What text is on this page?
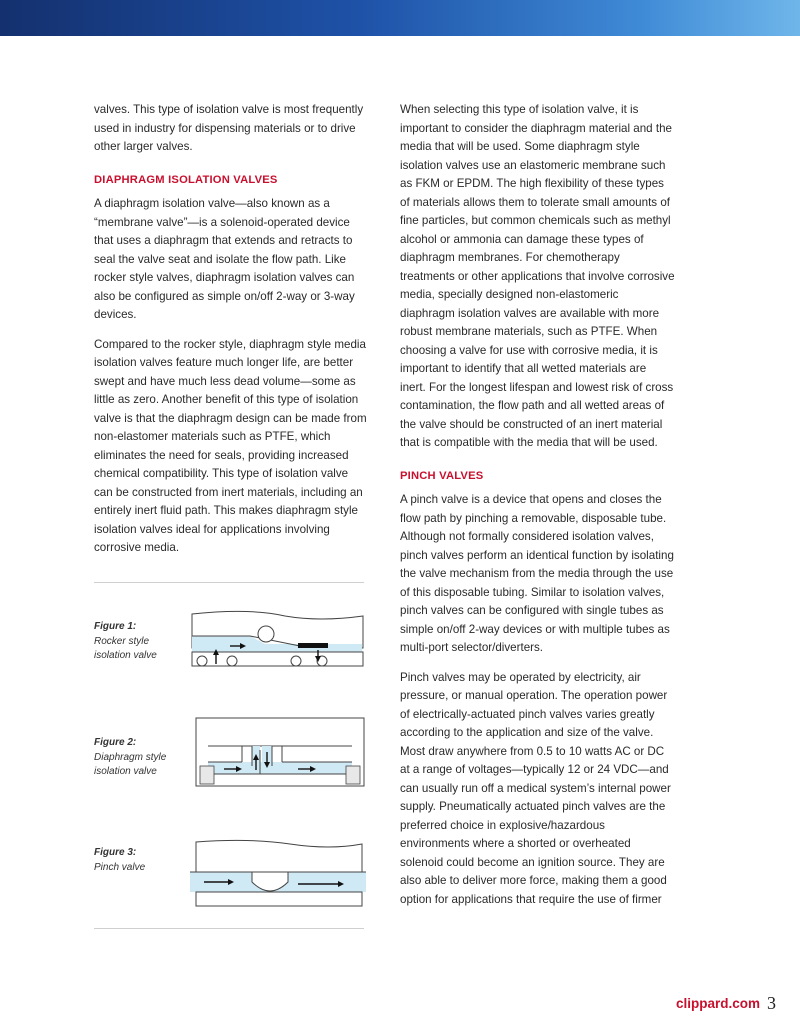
valves. This type of isolation valve is most frequently used in industry for dispensing materials or to drive other larger valves.

DIAPHRAGM ISOLATION VALVES

A diaphragm isolation valve—also known as a “membrane valve”—is a solenoid-operated device that uses a diaphragm that extends and retracts to seal the valve seat and isolate the flow path. Like rocker style valves, diaphragm isolation valves can also be configured as simple on/off 2-way or 3-way devices.

Compared to the rocker style, diaphragm style media isolation valves feature much longer life, are better swept and have much less dead volume—some as little as zero. Another benefit of this type of isolation valve is that the diaphragm design can be made from non-elastomer materials such as PTFE, which eliminates the need for seals, providing increased chemical compatibility. This type of isolation valve can be constructed from inert materials, including an entirely inert fluid path. This makes diaphragm style isolation valves ideal for applications involving corrosive media.

When selecting this type of isolation valve, it is important to consider the diaphragm material and the media that will be used. Some diaphragm style isolation valves use an elastomeric membrane such as FKM or EPDM. The high flexibility of these types of materials allows them to tolerate small amounts of fine particles, but common chemicals such as methyl alcohol or ammonia can damage these types of diaphragm membranes. For chemotherapy treatments or other applications that involve corrosive media, specially designed non-elastomeric diaphragm isolation valves are available with more robust membrane materials, such as PTFE. When choosing a valve for use with corrosive media, it is important to identify that all wetted materials are inert. For the longest lifespan and lowest risk of cross contamination, the flow path and all wetted areas of the valve should be constructed of an inert material that is compatible with the media that will be used.

PINCH VALVES

A pinch valve is a device that opens and closes the flow path by pinching a removable, disposable tube. Although not formally considered isolation valves, pinch valves perform an identical function by isolating the valve mechanism from the media through the use of this disposable tubing. Similar to isolation valves, pinch valves can be configured with single tubes as simple on/off 2-way devices or with multiple tubes as multi-port selector/diverters.

Pinch valves may be operated by electricity, air pressure, or manual operation. The operation power of electrically-actuated pinch valves varies greatly according to the application and size of the valve. Most draw anywhere from 0.5 to 10 watts AC or DC at a range of voltages—typically 12 or 24 VDC—and can usually run off a medical system’s internal power supply. Pneumatically actuated pinch valves are the preferred choice in explosive/hazardous environments where a shorted or overheated solenoid could become an ignition source. They are also able to deliver more force, making them a good option for applications that require the use of firmer

Figure 1:
Rocker style isolation valve
Figure 2:
Diaphragm style isolation valve
Figure 3:
Pinch valve
clippard.com 3
